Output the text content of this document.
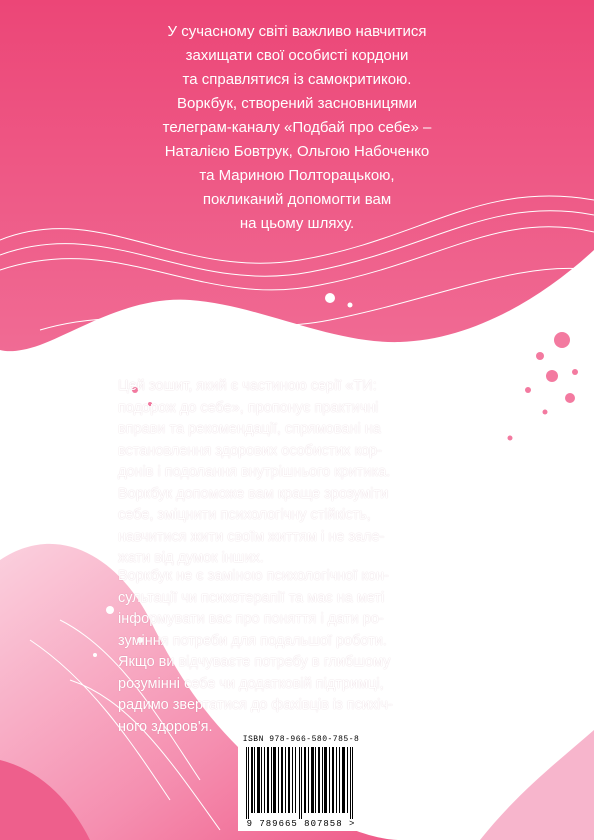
У сучасному світі важливо навчитися
захищати свої особисті кордони
та справлятися із самокритикою.
Воркбук, створений засновницями
телеграм-каналу «Подбай про себе» –
Наталією Бовтрук, Ольгою Набоченко
та Мариною Полторацькою,
покликаний допомогти вам
на цьому шляху.
Цей зошит, який є частиною серії «ТИ:
подорож до себе», пропонує практичні
вправи та рекомендації, спрямовані на
встановлення здорових особистих кор-
донів і подолання внутрішнього критика.
Воркбук допоможе вам краще зрозуміти
себе, зміцнити психологічну стійкість,
навчитися жити своїм життям і не зале-
жати від думок інших.
Воркбук не є заміною психологічної кон-
сультації чи психотерапії та має на меті
інформувати вас про поняття і дати ро-
зуміння потреби для подальшої роботи.
Якщо ви відчуваєте потребу в глибшому
розумінні себе чи додатковій підтримці,
радимо звертатися до фахівців із психіч-
ного здоров'я.
ISBN 978-966-580-785-8
9 789665 807858 >
